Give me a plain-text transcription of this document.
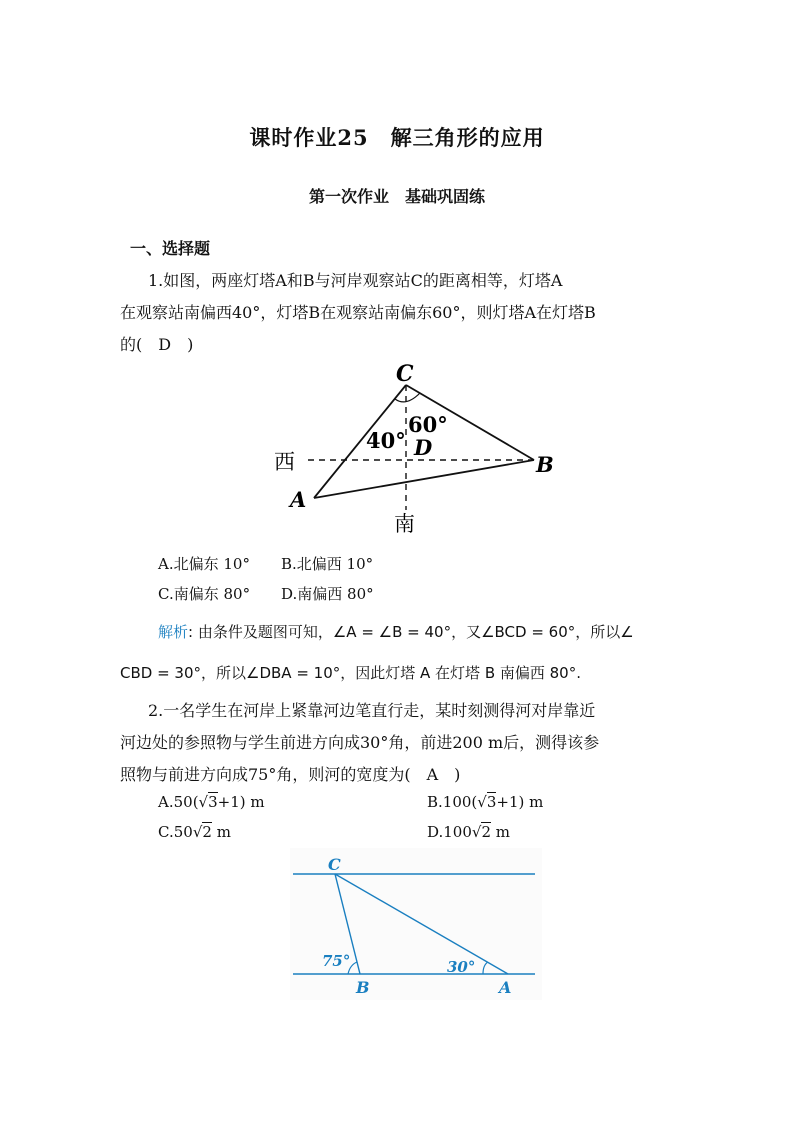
课时作业25　解三角形的应用
第一次作业　基础巩固练
一、选择题
1.如图，两座灯塔A和B与河岸观察站C的距离相等，灯塔A
在观察站南偏西40°，灯塔B在观察站南偏东60°，则灯塔A在灯塔B
的(　D　)
C
B
A
D
西
南
60°
40°
A.北偏东 10° B.北偏西 10°
C.南偏东 80° D.南偏西 80°
解析: 由条件及题图可知，∠A = ∠B = 40°，又∠BCD = 60°，所以∠
CBD = 30°，所以∠DBA = 10°，因此灯塔 A 在灯塔 B 南偏西 80°.
2.一名学生在河岸上紧靠河边笔直行走，某时刻测得河对岸靠近
河边处的参照物与学生前进方向成30°角，前进200 m后，测得该参
照物与前进方向成75°角，则河的宽度为(　A　)
A.50(√3+1) m	B.100(√3+1) m
C.50√2 m	D.100√2 m
C
B	A
75°	30°
